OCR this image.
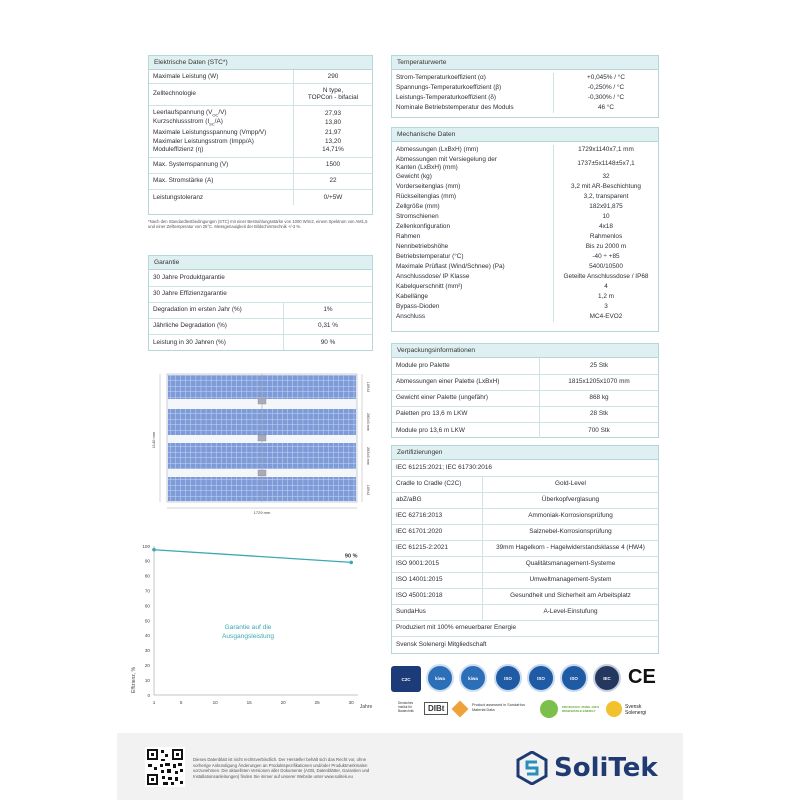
Elektrische Daten (STC*)
Maximale Leistung (W)	290
Zelltechnologie	N type,
TOPCon - bifacial
Leerlaufspannung $(V_{OC}/V)$	27,93
Kurzschlussstrom $(I_{SC}/A)$	13,80
Maximale Leistungsspannung (Vmpp/V)	21,97
Maximaler Leistungsstrom (Impp/A)	13,20
Moduleffizienz (η)	14,71%
Max. Systemspannung (V)	1500
Max. Stromstärke (A)	22
Leistungstoleranz	0/+5W
*Nach den Standardtestbedingungen (STC) mit einer Bestrahlungsstärke von 1000 W/m2, einem Spektrum von AM1,5 und einer Zelltemperatur von 25°C. Messgenauigkeit der Bildschirmtechnik +/-3 %.
Garantie
30 Jahre Produktgarantie	
30 Jahre Effizienzgarantie	
Degradation im ersten Jahr (%)	1%
Jährliche Degradation (%)	0,31 %
Leistung in 30 Jahren (%)	90 %
169±2
280±5 mm
283±5 mm
169±2
1140 mm
1729 mm
0
10
20
30
40
50
60
70
80
90
100
1	5	10	15	20	25	30
90 %
Garantie auf die
Ausgangsleistung
Effizienz, %
Jahre
Temperaturwerte
Strom-Temperaturkoeffizient (α)	+0,045% / °C
Spannungs-Temperaturkoeffizient (β)	-0,250% / °C
Leistungs-Temperaturkoeffizient (δ)	-0,300% / °C
Nominale Betriebstemperatur des Moduls	46 °C
Mechanische Daten
Abmessungen (LxBxH) (mm)	1729x1140x7,1 mm
Abmessungen mit Versiegelung der Kanten (LxBxH) (mm)	1737±5x1148±5x7,1
Gewicht (kg)	32
Vorderseitenglas (mm)	3,2 mit AR-Beschichtung
Rückseitenglas (mm)	3,2, transparent
Zellgröße (mm)	182x91,875
Stromschienen	10
Zellenkonfiguration	4x18
Rahmen	Rahmenlos
Nennbetriebshöhe	Bis zu 2000 m
Betriebstemperatur (°C)	-40 ÷ +85
Maximale Prüflast (Wind/Schnee) (Pa)	5400/10500
Anschlussdose/ IP Klasse	Geteilte Anschlussdose / IP68
Kabelquerschnitt (mm²)	4
Kabellänge	1,2 m
Bypass-Dioden	3
Anschluss	MC4-EVO2
Verpackungsinformationen
Module pro Palette	25 Stk
Abmessungen einer Palette (LxBxH)	1815x1205x1070 mm
Gewicht einer Palette (ungefähr)	868 kg
Paletten pro 13,6 m LKW	28 Stk
Module pro 13,6 m LKW	700 Stk
Zertifizierungen
IEC 61215:2021; IEC 61730:2016	
Cradle to Cradle (C2C)	Gold-Level
abZ/aBG	Überkopfverglasung
IEC 62716:2013	Ammoniak-Korrosionsprüfung
IEC 61701:2020	Salznebel-Korrosionsprüfung
IEC 61215-2:2021	39mm Hagelkorn - Hagelwiderstandsklasse 4 (HW4)
ISO 9001:2015	Qualitätsmanagement-Systeme
ISO 14001:2015	Umweltmanagement-System
ISO 45001:2018	Gesundheit und Sicherheit am Arbeitsplatz
SundaHus	A-Level-Einstufung
Produziert mit 100% erneuerbarer Energie	
Svensk Solenergi Mitgliedschaft	
C2C	kiwa	kiwa	ISO	ISO	ISO	IEC CE
Deutsches Institut für Bautechnik	DIBt	Product assessed in SundaHus Material Data
PRODUCED USING 100% RENEWABLE ENERGY
Svensk
Solenergi
Dieses Datenblatt ist nicht rechtsverbindlich. Der Hersteller behält sich das Recht vor, ohne vorherige Ankündigung Änderungen an Produktspezifikationen und/oder Produktmerkmalen vorzunehmen. Die aktuellsten Versionen aller Dokumente (AGB, Datenblätter, Garantien und Installationsanleitungen) finden Sie immer auf unserer Website unter www.solitek.eu	SoliTek
